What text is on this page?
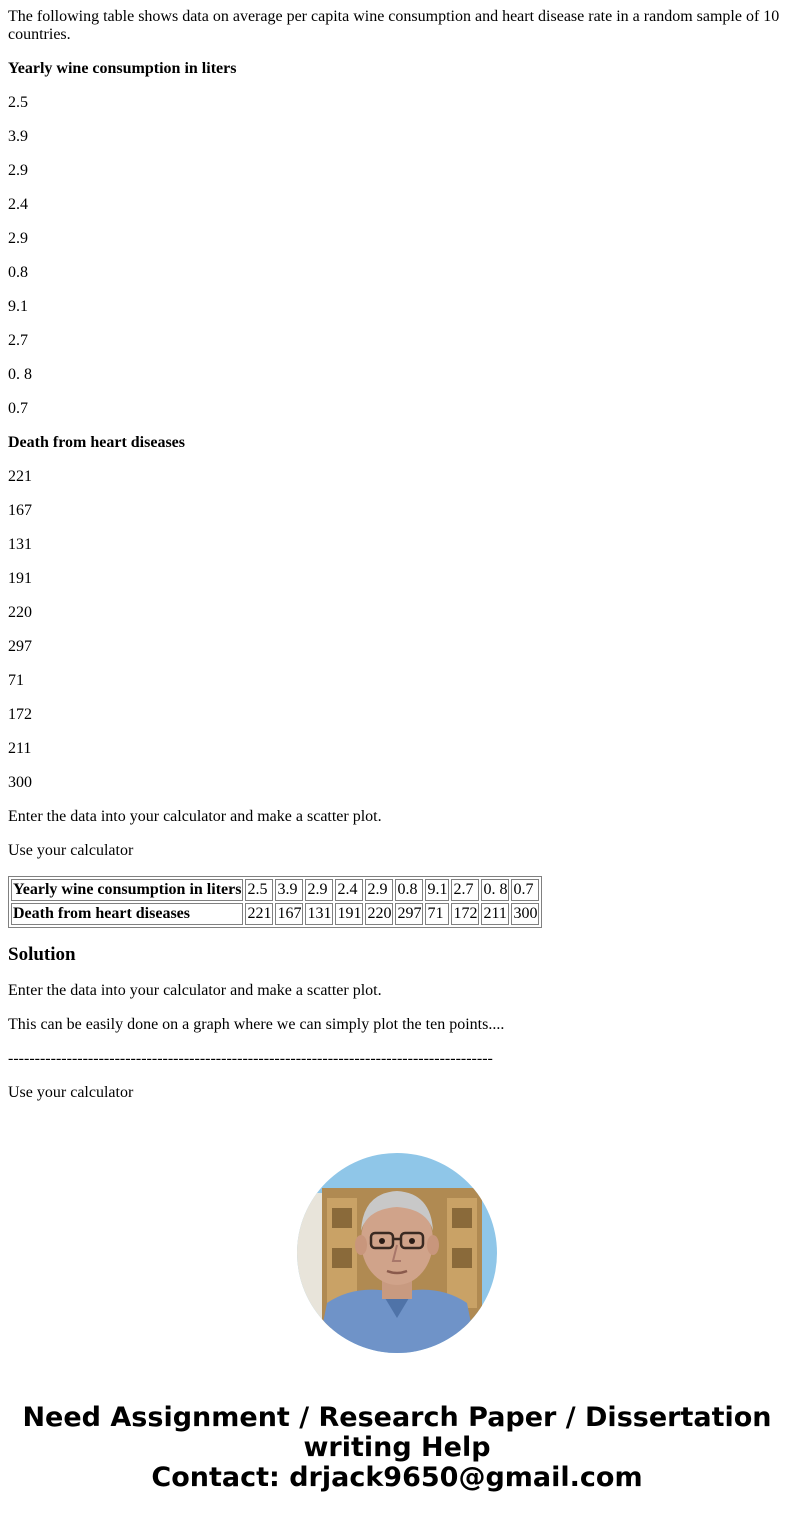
The following table shows data on average per capita wine consumption and heart disease rate in a random sample of 10 countries.

Yearly wine consumption in liters

2.5

3.9

2.9

2.4

2.9

0.8

9.1

2.7

0. 8

0.7

Death from heart diseases

221

167

131

191

220

297

71

172

211

300

Enter the data into your calculator and make a scatter plot.

Use your calculator

Yearly wine consumption in liters	2.5	3.9	2.9	2.4	2.9	0.8	9.1	2.7	0. 8	0.7
Death from heart diseases	221	167	131	191	220	297	71	172	211	300
Solution

Enter the data into your calculator and make a scatter plot.

This can be easily done on a graph where we can simply plot the ten points....

-------------------------------------------------------------------------------------------

Use your calculator

Need Assignment / Research Paper / Dissertation
writing Help
Contact: drjack9650@gmail.com
